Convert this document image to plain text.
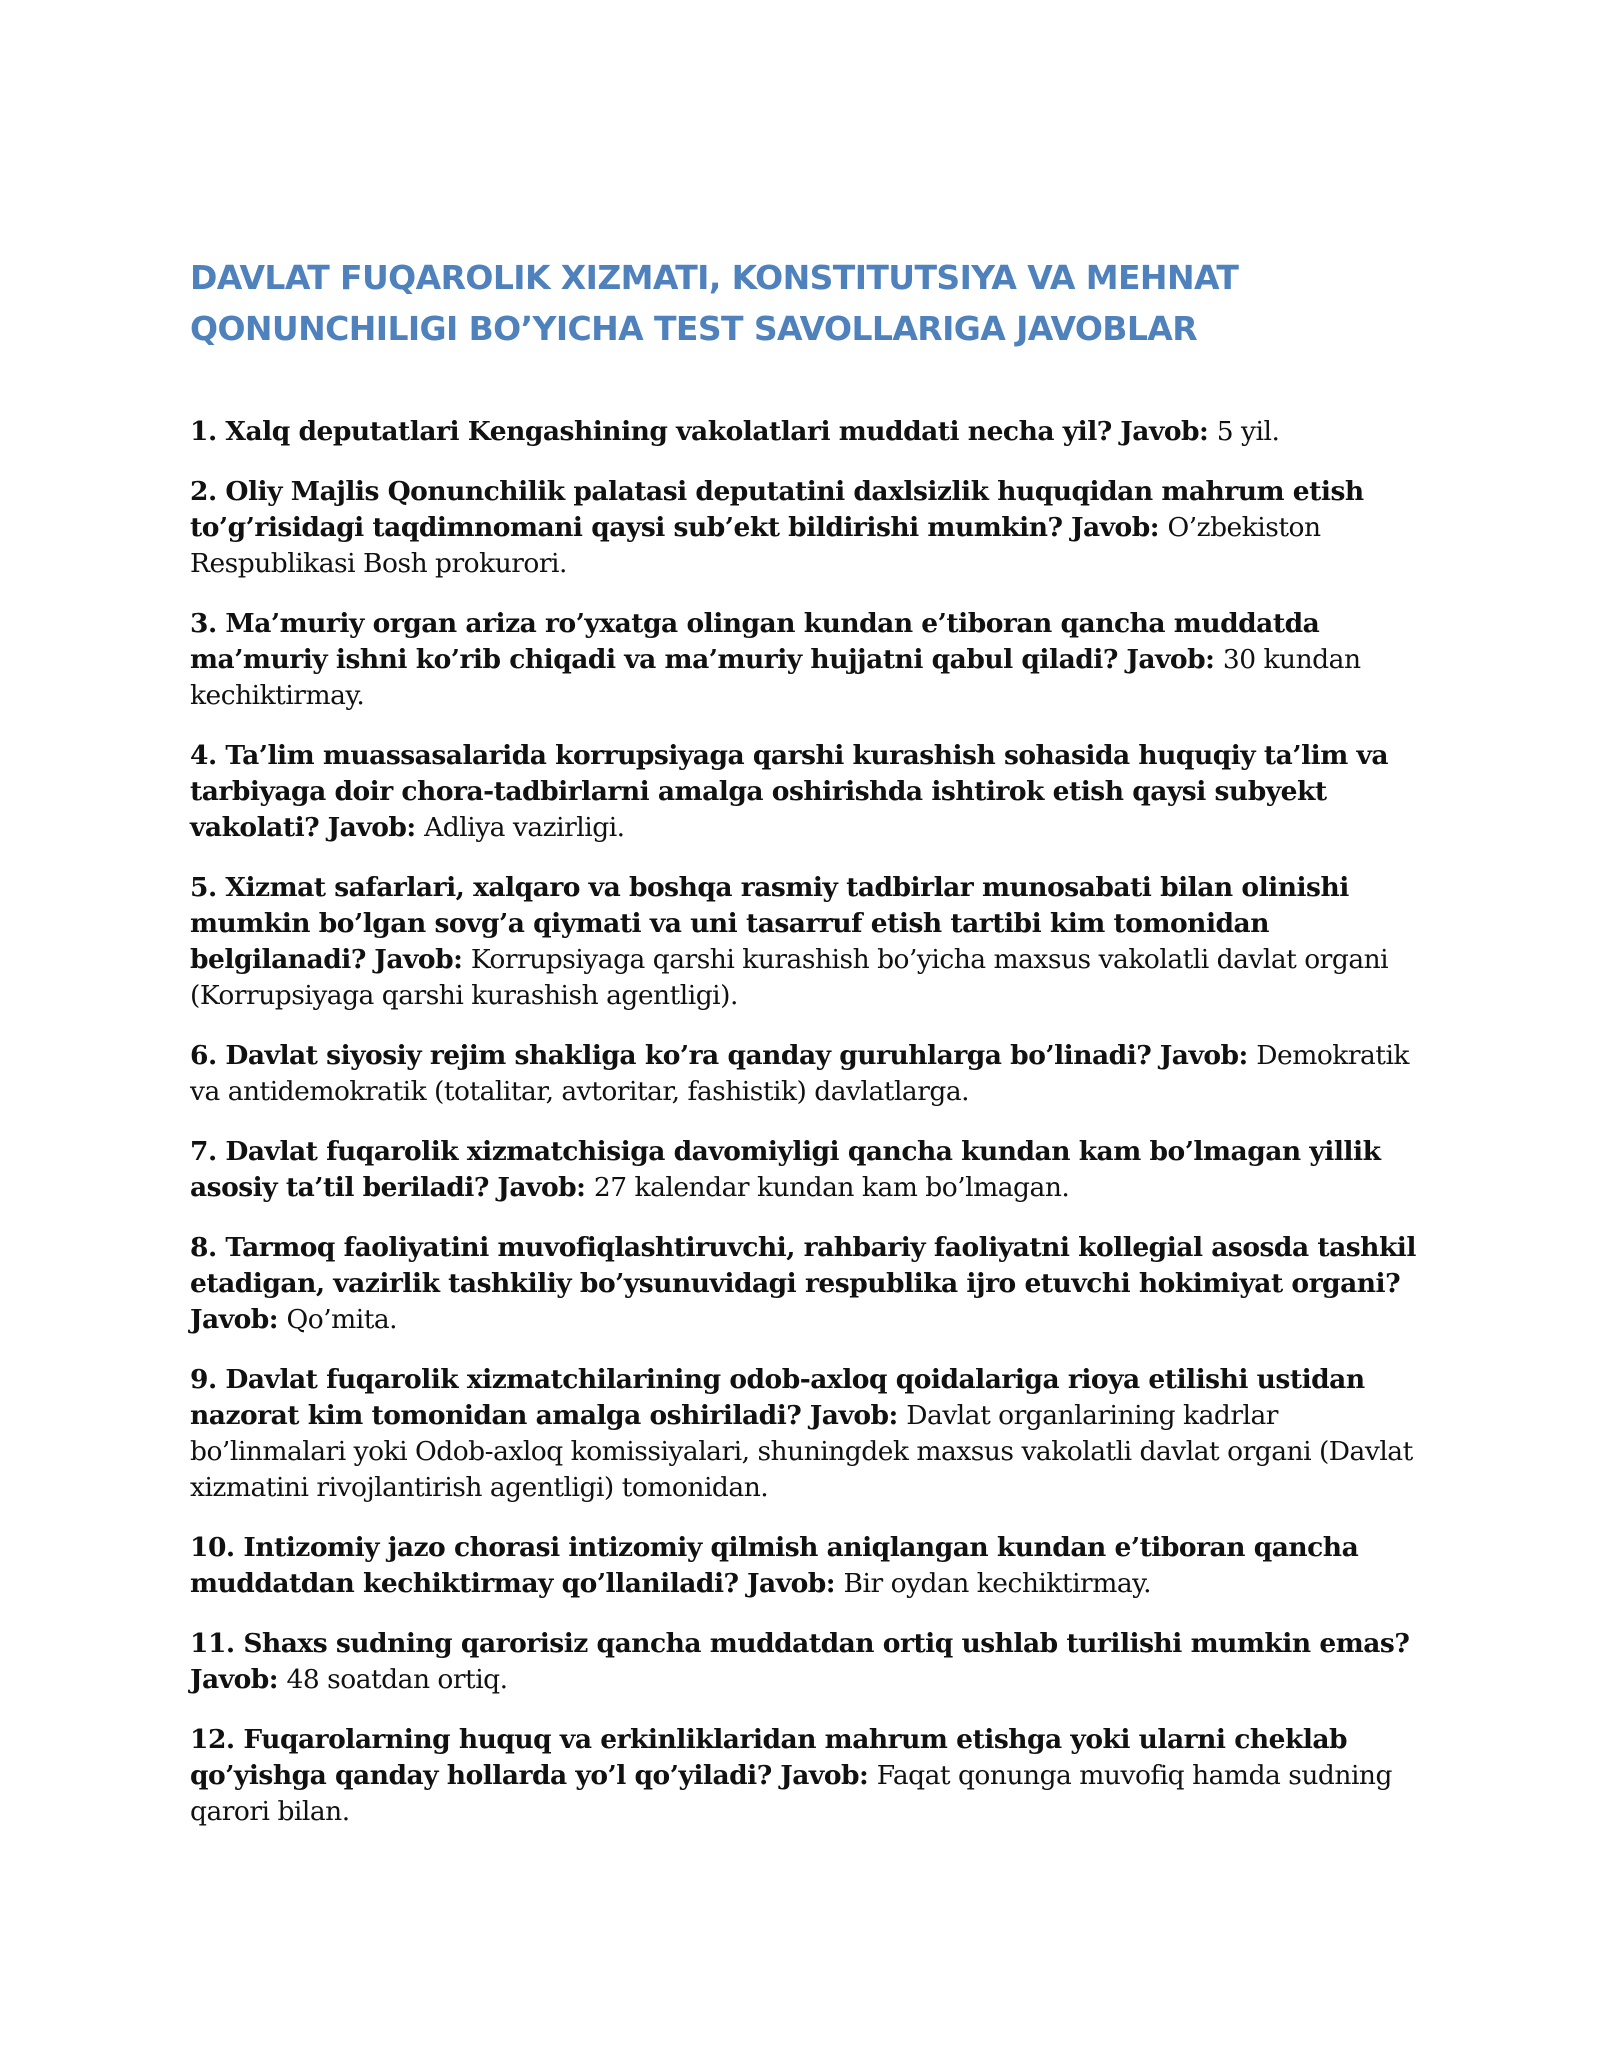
DAVLAT FUQAROLIK XIZMATI, KONSTITUTSIYA VA MEHNAT
QONUNCHILIGI BO’YICHA TEST SAVOLLARIGA JAVOBLAR
1. Xalq deputatlari Kengashining vakolatlari muddati necha yil? Javob: 5 yil.
2. Oliy Majlis Qonunchilik palatasi deputatini daxlsizlik huquqidan mahrum etish to’g’risidagi taqdimnomani qaysi sub’ekt bildirishi mumkin? Javob: O’zbekiston Respublikasi Bosh prokurori.
3. Ma’muriy organ ariza ro’yxatga olingan kundan e’tiboran qancha muddatda ma’muriy ishni ko’rib chiqadi va ma’muriy hujjatni qabul qiladi? Javob: 30 kundan kechiktirmay.
4. Ta’lim muassasalarida korrupsiyaga qarshi kurashish sohasida huquqiy ta’lim va tarbiyaga doir chora-tadbirlarni amalga oshirishda ishtirok etish qaysi subyekt vakolati? Javob: Adliya vazirligi.
5. Xizmat safarlari, xalqaro va boshqa rasmiy tadbirlar munosabati bilan olinishi mumkin bo’lgan sovg’a qiymati va uni tasarruf etish tartibi kim tomonidan belgilanadi? Javob: Korrupsiyaga qarshi kurashish bo’yicha maxsus vakolatli davlat organi (Korrupsiyaga qarshi kurashish agentligi).
6. Davlat siyosiy rejim shakliga ko’ra qanday guruhlarga bo’linadi? Javob: Demokratik va antidemokratik (totalitar, avtoritar, fashistik) davlatlarga.
7. Davlat fuqarolik xizmatchisiga davomiyligi qancha kundan kam bo’lmagan yillik asosiy ta’til beriladi? Javob: 27 kalendar kundan kam bo’lmagan.
8. Tarmoq faoliyatini muvofiqlashtiruvchi, rahbariy faoliyatni kollegial asosda tashkil etadigan, vazirlik tashkiliy bo’ysunuvidagi respublika ijro etuvchi hokimiyat organi? Javob: Qo’mita.
9. Davlat fuqarolik xizmatchilarining odob-axloq qoidalariga rioya etilishi ustidan nazorat kim tomonidan amalga oshiriladi? Javob: Davlat organlarining kadrlar bo’linmalari yoki Odob-axloq komissiyalari, shuningdek maxsus vakolatli davlat organi (Davlat xizmatini rivojlantirish agentligi) tomonidan.
10. Intizomiy jazo chorasi intizomiy qilmish aniqlangan kundan e’tiboran qancha muddatdan kechiktirmay qo’llaniladi? Javob: Bir oydan kechiktirmay.
11. Shaxs sudning qarorisiz qancha muddatdan ortiq ushlab turilishi mumkin emas? Javob: 48 soatdan ortiq.
12. Fuqarolarning huquq va erkinliklaridan mahrum etishga yoki ularni cheklab qo’yishga qanday hollarda yo’l qo’yiladi? Javob: Faqat qonunga muvofiq hamda sudning qarori bilan.
